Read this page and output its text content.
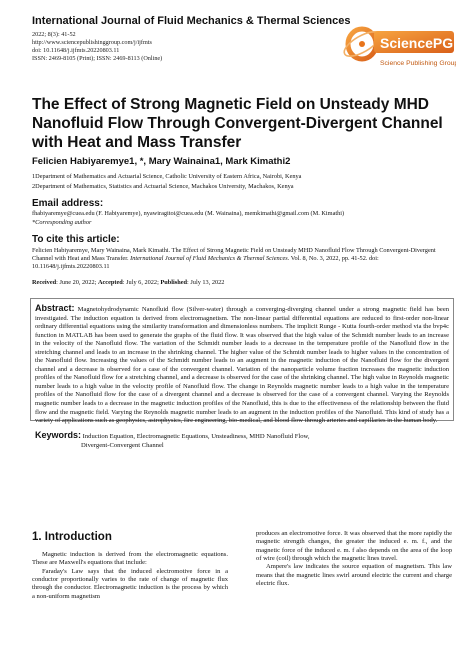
International Journal of Fluid Mechanics & Thermal Sciences
2022; 8(3): 41-52
http://www.sciencepublishinggroup.com/j/ijfmts
doi: 10.11648/j.ijfmts.20220803.11
ISSN: 2469-8105 (Print); ISSN: 2469-8113 (Online)
SciencePG
Science Publishing Group
The Effect of Strong Magnetic Field on Unsteady MHD Nanofluid Flow Through Convergent-Divergent Channel with Heat and Mass Transfer
Felicien Habiyaremye1, *, Mary Wainaina1, Mark Kimathi2
1Department of Mathematics and Actuarial Science, Catholic University of Eastern Africa, Nairobi, Kenya
2Department of Mathematics, Statistics and Actuarial Science, Machakos University, Machakos, Kenya
Email address:
fhabiyaremye@cuea.edu (F. Habiyaremye), nyawiragitoi@cuea.edu (M. Wainaina), memkimathi@gmail.com (M. Kimathi)
*Corresponding author
To cite this article:
Felicien Habiyaremye, Mary Wainaina, Mark Kimathi. The Effect of Strong Magnetic Field on Unsteady MHD Nanofluid Flow Through Convergent-Divergent Channel with Heat and Mass Transfer. International Journal of Fluid Mechanics & Thermal Sciences. Vol. 8, No. 3, 2022, pp. 41-52. doi: 10.11648/j.ijfmts.20220803.11
Received: June 20, 2022; Accepted: July 6, 2022; Published: July 13, 2022
Abstract: Magnetohydrodynamic Nanofluid flow (Silver-water) through a converging-diverging channel under a strong magnetic field has been investigated. The induction equation is derived from electromagnetism. The non-linear partial differential equations are reduced to first-order non-linear ordinary differential equations using the similarity transformation and dimensionless numbers. The implicit Runge - Kutta fourth-order method via the bvp4c function in MATLAB has been used to generate the graphs of the fluid flow. It was observed that the high value of the Schmidt number leads to an increase in the velocity of the Nanofluid flow. The variation of the Schmidt number leads to a decrease in the temperature profile of the Nanofluid flow in the stretching channel and leads to an increase in the shrinking channel. The higher value of the Schmidt number leads to higher values in the concentration of the Nanofluid flow. Increasing the values of the Schmidt number leads to an augment in the magnetic induction of the Nanofluid flow for the divergent channel and a decrease is observed for a case of the convergent channel. Variation of the nanoparticle volume fraction increases the magnetic induction profiles of the Nanofluid flow for a stretching channel, and a decrease is observed for the case of the shrinking channel. The high value in Reynolds magnetic number leads to a high value in the velocity profile of Nanofluid flow. The change in Reynolds magnetic number leads to a high value in the temperature profiles of the Nanofluid flow for the case of a divergent channel and a decrease is observed for the case of a convergent channel. Varying the Reynolds magnetic number leads to a decrease in the magnetic induction profiles of the Nanofluid, this is due to the effectiveness of the relationship between the fluid flow and the magnetic field. Varying the Reynolds magnetic number leads to an augment in the induction profiles of the Nanofluid. This kind of study has a variety of applications such as geophysics, astrophysics, fire engineering, bio-medical, and blood flow through arteries and capillaries in the human body.
Keywords: Induction Equation, Electromagnetic Equations, Unsteadiness, MHD Nanofluid Flow,
Divergent-Convergent Channel
1. Introduction

Magnetic induction is derived from the electromagnetic equations. These are Maxwell's equations that include:

Faraday's Law says that the induced electromotive force in a conductor proportionally varies to the rate of change of magnetic flux through the conductor. Electromagnetic induction is the process by which a non-uniform magnetism

produces an electromotive force. It was observed that the more rapidly the magnetic strength changes, the greater the induced e. m. f., and the magnetic force of the induced e. m. f also depends on the area of the loop of wire (coil) through which the magnetic lines travel.

Ampere's law indicates the source equation of magnetism. This law means that the magnetic lines swirl around electric the current and charge electric flux.
